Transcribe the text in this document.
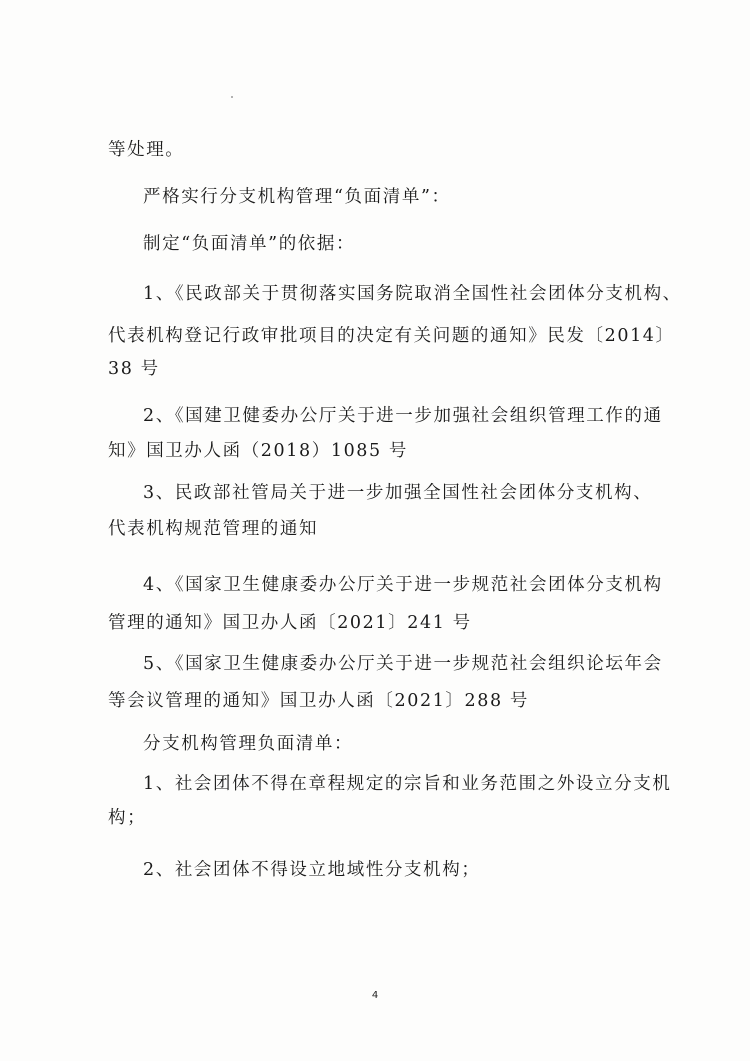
等处理。
严格实行分支机构管理“负面清单”：
制定“负面清单”的依据：
1、《民政部关于贯彻落实国务院取消全国性社会团体分支机构、
代表机构登记行政审批项目的决定有关问题的通知》民发〔2014〕
38 号
2、《国建卫健委办公厅关于进一步加强社会组织管理工作的通
知》国卫办人函（2018）1085 号
3、民政部社管局关于进一步加强全国性社会团体分支机构、
代表机构规范管理的通知
4、《国家卫生健康委办公厅关于进一步规范社会团体分支机构
管理的通知》国卫办人函〔2021〕241 号
5、《国家卫生健康委办公厅关于进一步规范社会组织论坛年会
等会议管理的通知》国卫办人函〔2021〕288 号
分支机构管理负面清单：
1、社会团体不得在章程规定的宗旨和业务范围之外设立分支机
构；
2、社会团体不得设立地域性分支机构；
4
